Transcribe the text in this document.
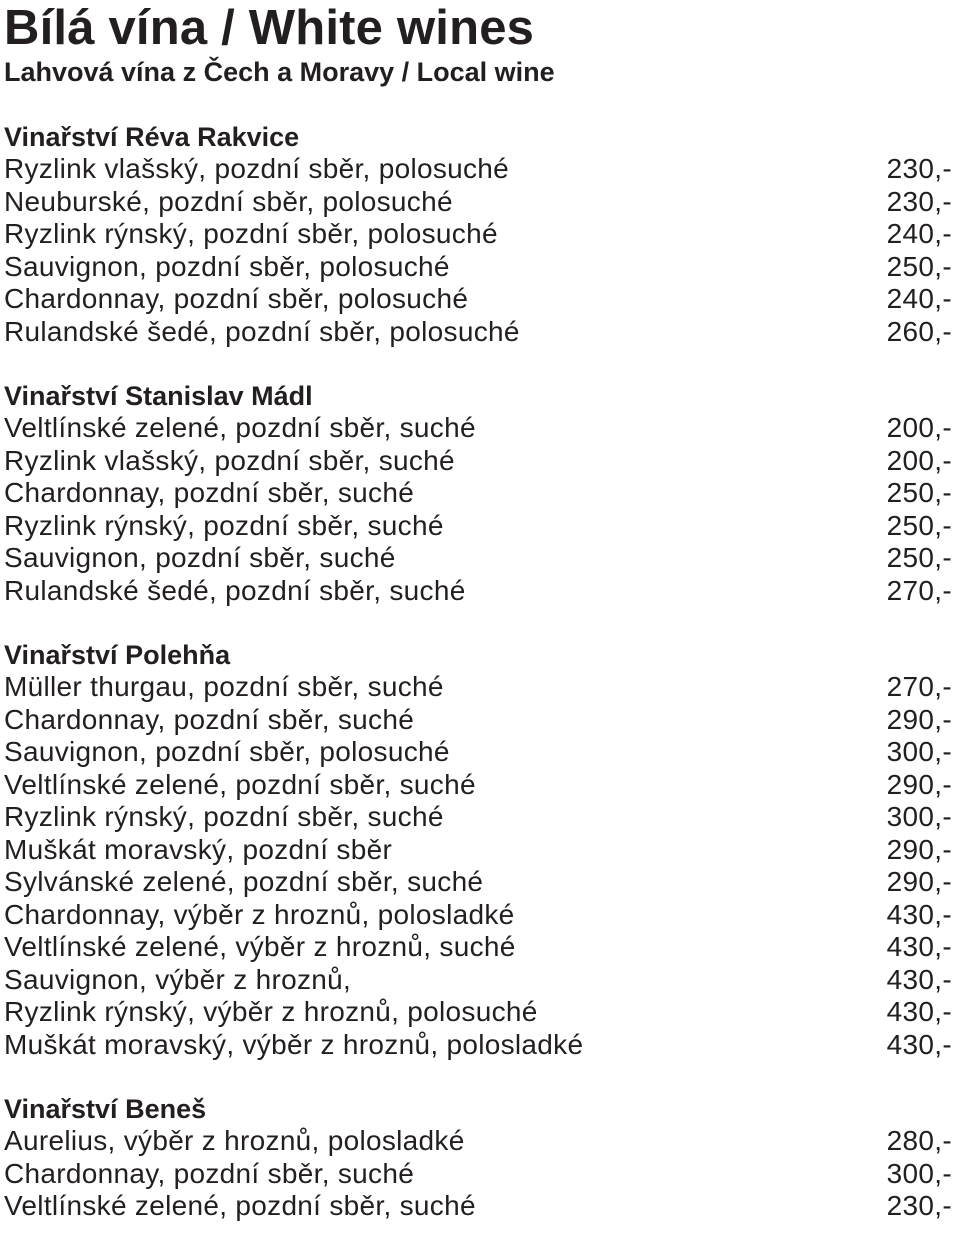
Bílá vína / White wines
Lahvová vína z Čech a Moravy / Local wine
Vinařství Réva Rakvice
Ryzlink vlašský, pozdní sběr, polosuché	230,-
Neuburské, pozdní sběr, polosuché	230,-
Ryzlink rýnský, pozdní sběr, polosuché	240,-
Sauvignon, pozdní sběr, polosuché	250,-
Chardonnay, pozdní sběr, polosuché	240,-
Rulandské šedé, pozdní sběr, polosuché	260,-
Vinařství Stanislav Mádl
Veltlínské zelené, pozdní sběr, suché	200,-
Ryzlink vlašský, pozdní sběr, suché	200,-
Chardonnay, pozdní sběr, suché	250,-
Ryzlink rýnský, pozdní sběr, suché	250,-
Sauvignon, pozdní sběr, suché	250,-
Rulandské šedé, pozdní sběr, suché	270,-
Vinařství Polehňa
Müller thurgau, pozdní sběr, suché	270,-
Chardonnay, pozdní sběr, suché	290,-
Sauvignon, pozdní sběr, polosuché	300,-
Veltlínské zelené, pozdní sběr, suché	290,-
Ryzlink rýnský, pozdní sběr, suché	300,-
Muškát moravský, pozdní sběr	290,-
Sylvánské zelené, pozdní sběr, suché	290,-
Chardonnay, výběr z hroznů, polosladké	430,-
Veltlínské zelené, výběr z hroznů, suché	430,-
Sauvignon, výběr z hroznů,	430,-
Ryzlink rýnský, výběr z hroznů, polosuché	430,-
Muškát moravský, výběr z hroznů, polosladké	430,-
Vinařství Beneš
Aurelius, výběr z hroznů, polosladké	280,-
Chardonnay, pozdní sběr, suché	300,-
Veltlínské zelené, pozdní sběr, suché	230,-
